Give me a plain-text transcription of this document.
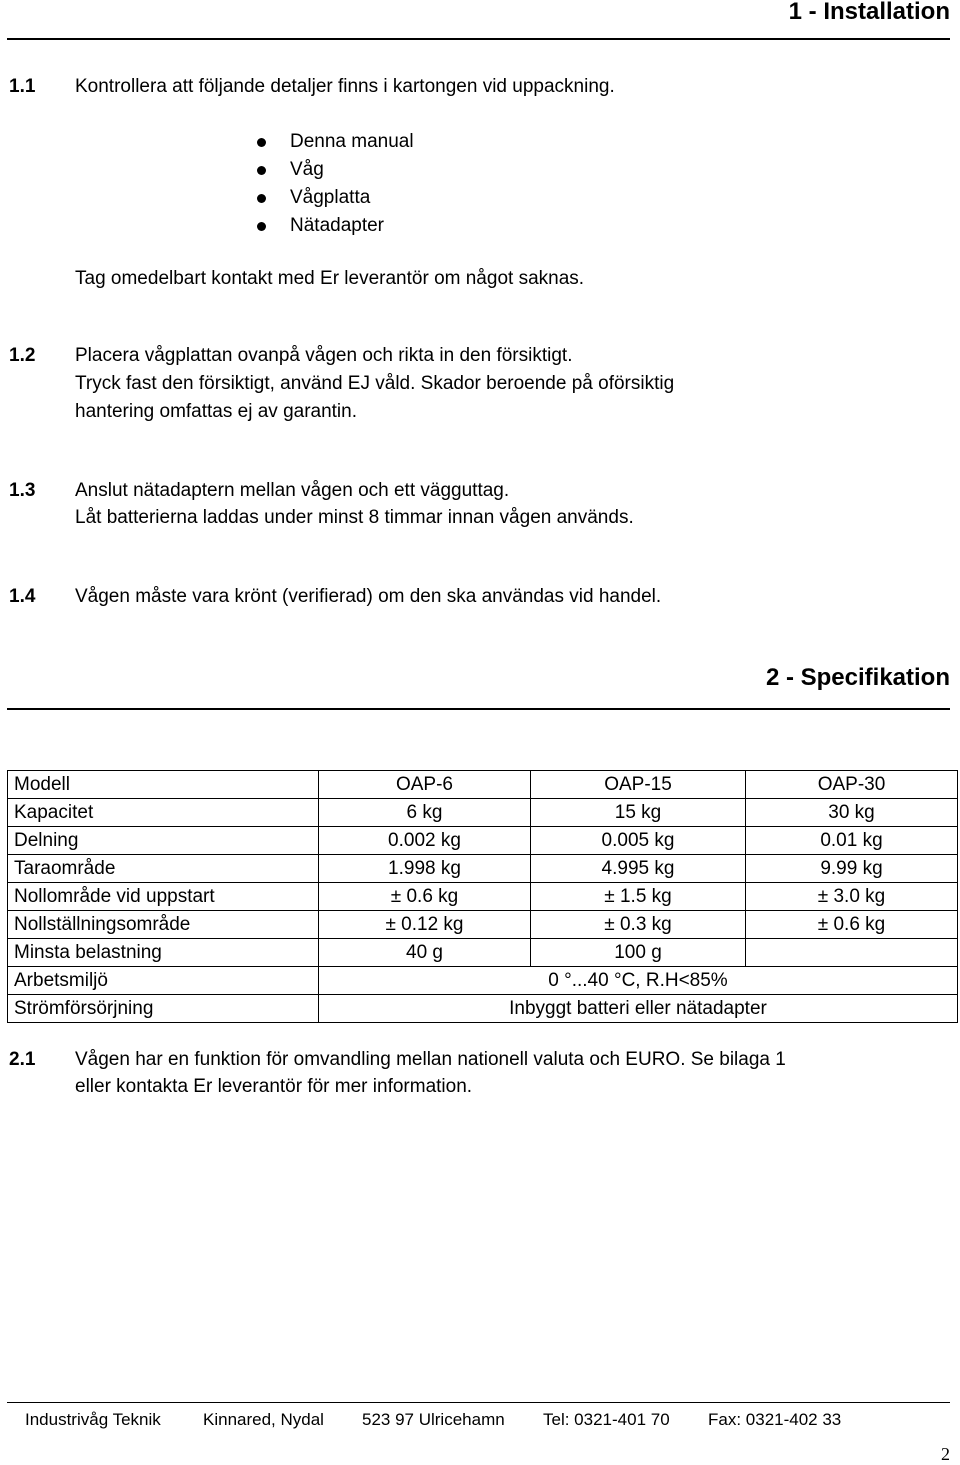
1 - Installation
1.1 Kontrollera att följande detaljer finns i kartongen vid uppackning.
Denna manual
Våg
Vågplatta
Nätadapter
Tag omedelbart kontakt med Er leverantör om något saknas.
1.2 Placera vågplattan ovanpå vågen och rikta in den försiktigt.
Tryck fast den försiktigt, använd EJ våld. Skador beroende på oförsiktig
hantering omfattas ej av garantin.
1.3 Anslut nätadaptern mellan vågen och ett vägguttag.
Låt batterierna laddas under minst 8 timmar innan vågen används.
1.4 Vågen måste vara krönt (verifierad) om den ska användas vid handel.
2 - Specifikation
Modell	OAP-6	OAP-15	OAP-30
Kapacitet	6 kg	15 kg	30 kg
Delning	0.002 kg	0.005 kg	0.01 kg
Taraområde	1.998 kg	4.995 kg	9.99 kg
Nollområde vid uppstart	± 0.6 kg	± 1.5 kg	± 3.0 kg
Nollställningsområde	± 0.12 kg	± 0.3 kg	± 0.6 kg
Minsta belastning	40 g	100 g	
Arbetsmiljö	0 °...40 °C, R.H<85%		
Strömförsörjning	Inbyggt batteri eller nätadapter		
2.1 Vågen har en funktion för omvandling mellan nationell valuta och EURO. Se bilaga 1
eller kontakta Er leverantör för mer information.
Industrivåg Teknik Kinnared, Nydal 523 97 Ulricehamn Tel: 0321-401 70 Fax: 0321-402 33
2
